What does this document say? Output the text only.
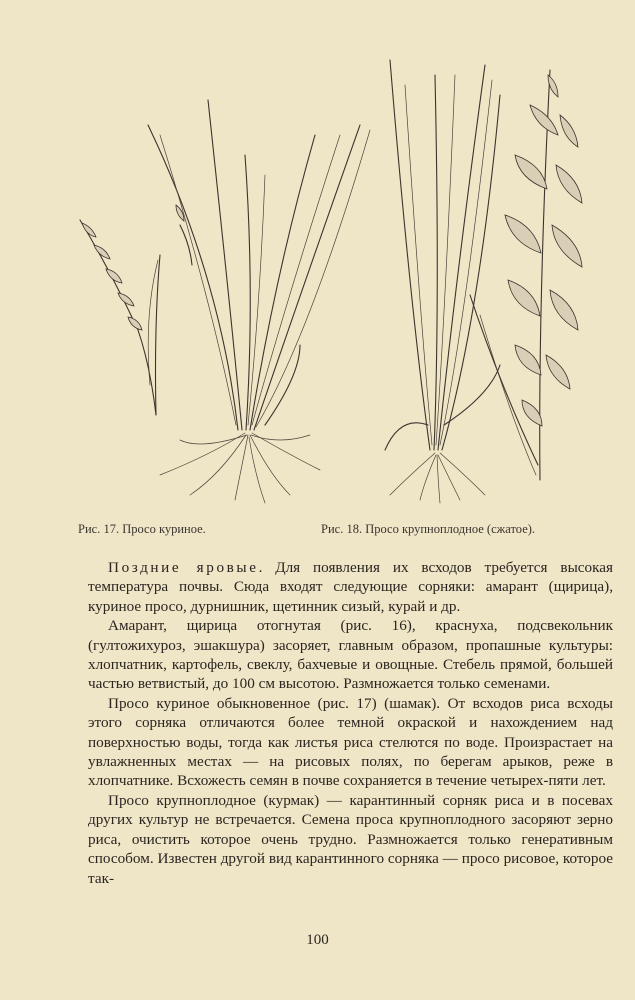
Рис. 17. Просо куриное.	Рис. 18. Просо крупноплодное (сжатое).

Поздние яровые. Для появления их всходов требуется высокая температура почвы. Сюда входят следующие сорняки: амарант (щирица), куриное просо, дурнишник, щетинник сизый, курай и др.

Амарант, щирица отогнутая (рис. 16), краснуха, подсвекольник (гултожихуроз, эшакшура) засоряет, главным образом, пропашные культуры: хлопчатник, картофель, свеклу, бахчевые и овощные. Стебель прямой, большей частью ветвистый, до 100 см высотою. Размножается только семенами.

Просо куриное обыкновенное (рис. 17) (шамак). От всходов риса всходы этого сорняка отличаются более темной окраской и нахождением над поверхностью воды, тогда как листья риса стелются по воде. Произрастает на увлажненных местах — на рисовых полях, по берегам арыков, реже в хлопчатнике. Всхожесть семян в почве сохраняется в течение четырех-пяти лет.

Просо крупноплодное (курмак) — карантинный сорняк риса и в посевах других культур не встречается. Семена проса крупноплодного засоряют зерно риса, очистить которое очень трудно. Размножается только генеративным способом. Известен другой вид карантинного сорняка — просо рисовое, которое так-

100
